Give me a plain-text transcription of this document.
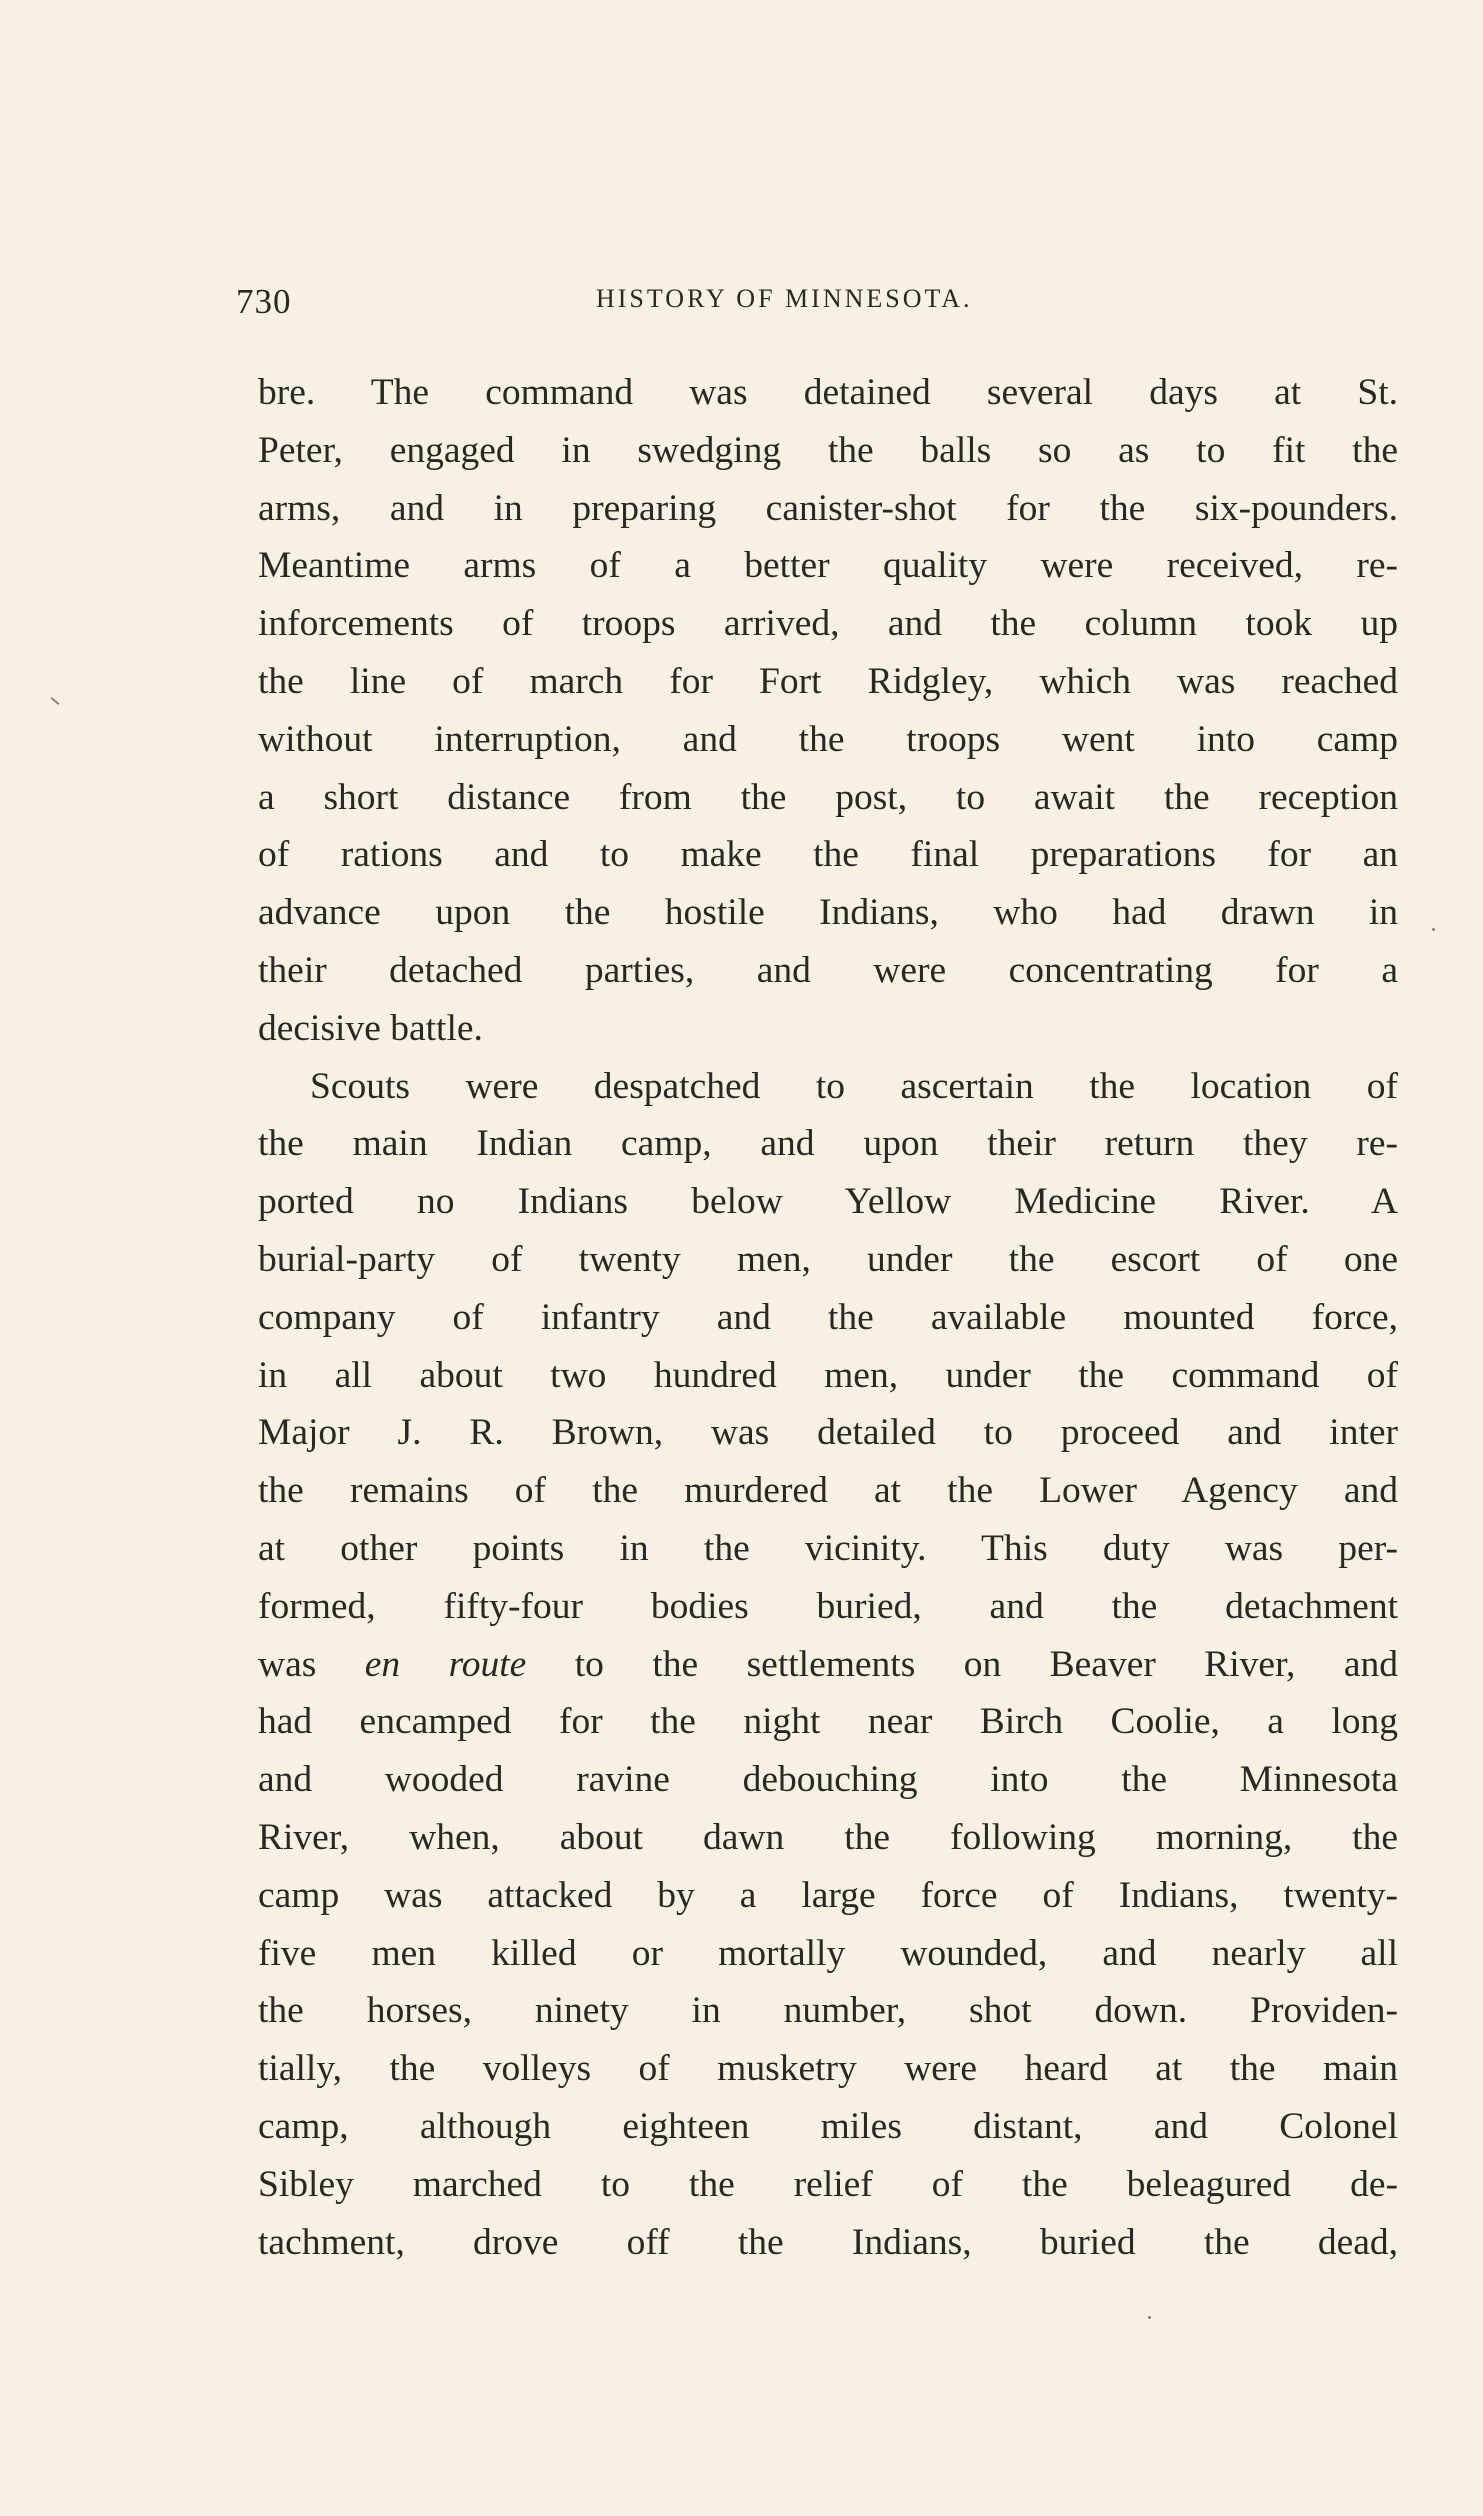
730	HISTORY OF MINNESOTA.
bre. The command was detained several days at St.
Peter, engaged in swedging the balls so as to fit the
arms, and in preparing canister-shot for the six-pounders.
Meantime arms of a better quality were received, re-
inforcements of troops arrived, and the column took up
the line of march for Fort Ridgley, which was reached
without interruption, and the troops went into camp
a short distance from the post, to await the reception
of rations and to make the final preparations for an
advance upon the hostile Indians, who had drawn in
their detached parties, and were concentrating for a
decisive battle.
Scouts were despatched to ascertain the location of
the main Indian camp, and upon their return they re-
ported no Indians below Yellow Medicine River. A
burial-party of twenty men, under the escort of one
company of infantry and the available mounted force,
in all about two hundred men, under the command of
Major J. R. Brown, was detailed to proceed and inter
the remains of the murdered at the Lower Agency and
at other points in the vicinity. This duty was per-
formed, fifty-four bodies buried, and the detachment
was en route to the settlements on Beaver River, and
had encamped for the night near Birch Coolie, a long
and wooded ravine debouching into the Minnesota
River, when, about dawn the following morning, the
camp was attacked by a large force of Indians, twenty-
five men killed or mortally wounded, and nearly all
the horses, ninety in number, shot down. Providen-
tially, the volleys of musketry were heard at the main
camp, although eighteen miles distant, and Colonel
Sibley marched to the relief of the beleagured de-
tachment, drove off the Indians, buried the dead,
